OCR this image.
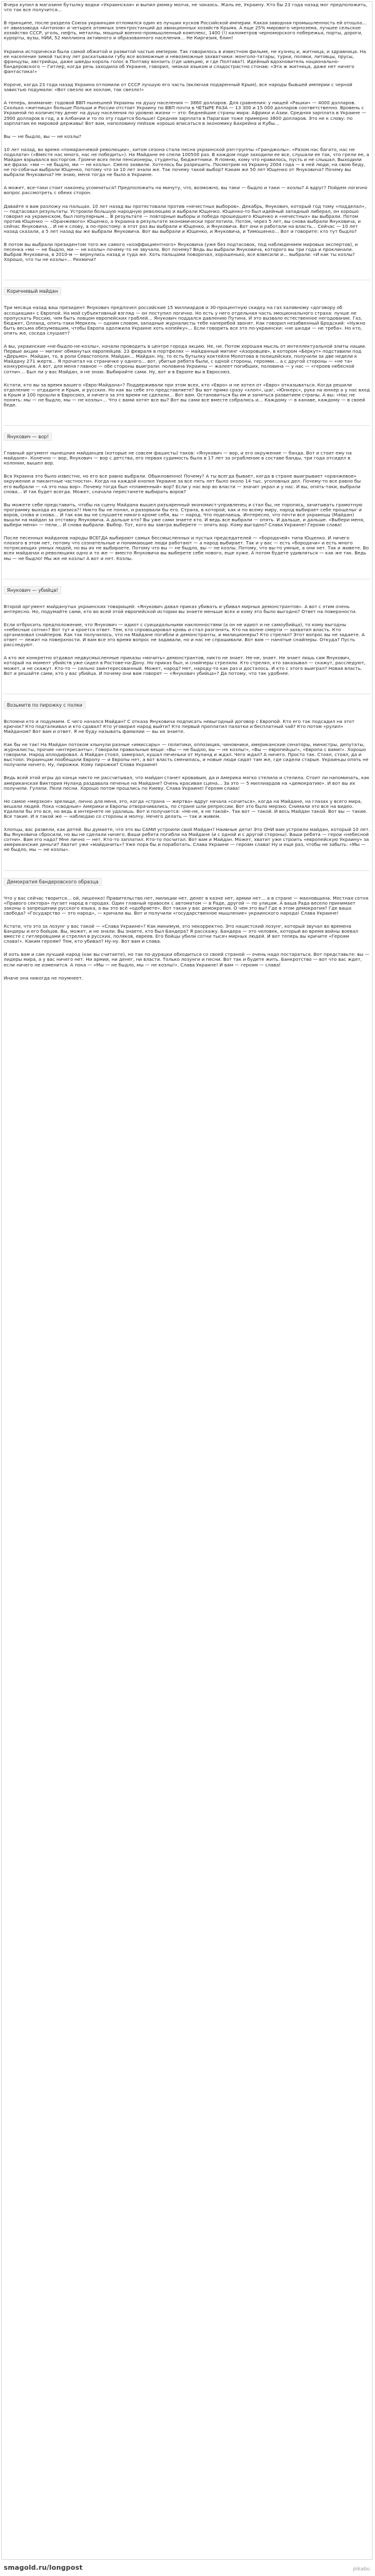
Вчера купил в магазине бутылку водки «Украинская» и выпил рюмку молча, не чокаясь. Жаль ее, Украину. Кто бы 23 года назад мог предположить, что так все получится…

В принципе, после раздела Союза украинцам отломился один из лучших кусков Российской империи. Какая заводная промышленность ей отошла… от авиазавода «Антонов» и четырех атомных электростанций до авиационных хозяйств Крыма. А еще 25% мирового чернозема, лучшее сельское хозяйство СССР, уголь, нефть, металлы, мощный военно-промышленный комплекс, 1400 (!) километров черноморского побережья, порты, дороги, курорты, вузы, НИИ, 52 миллиона активного и образованного населения… Не Киргизия, блин!

Украина исторически была самой обжитой и развитой частью империи. Так говорилось в известном фильме, не кузнец и, житница, и здравница. На ее население зимой тысячу лет раскатывали губу все возможные и невозможные захватчики: монголо-татары, турки, поляки, литовцы, прусы, французы, австрийцы, даже шведы король голос в Полтаву вонзить (где швецию, и где Полтава?). Идейный вдохновитель национально-бандеровского — Гитлер, когда речь заходила об Украине, говорил, чмокая языком и сладострастно стонав: «Эта ж житница, даже нет ничего фантастика!»

Короче, когда 23 года назад Украина отломили от СССР лучшую его часть (включая подаренный Крым), все народы бывшей империи с черной завистью подумали: «Вот свезло же хохлам, так свезло!»

А теперь, внимание: годовой ВВП нынешней Украины на душу населения — 3860 долларов. Для сравнения: у нищей «Рашки» — 4000 долларов. Сколько «житница» больше Польши и России отстоит Украину по ВВП почти в ЧЕТЫРЕ РАЗА — 13 300 и 15 000 долларов соответственно. Вровень с Украиной по количеству денег на душу населения по уровню жизни — это: беднейшие страны мира: Африки и Азии. Средняя зарплата в Украине — 2900 долларов в год, а в Албании и то по эту годится больше! Средняя зарплата в Парагвае тоже примерно 3800 долларов. Это не к слову: по зарплатам ее мировой державы! Вот вам, наполовину пейзаж хорошо вписаться в экономику Бахрейна и Кубы…

Вы — не быдло, вы — не козлы?

10 лет назад, во время «помаранчевой революции», хитом сезона стала песня украинской рэп-группы «Гринджолы»: «Разом нас багато, нас не подолати» («Вместе нас много, нас не победить»). На Майдане ее спели 100500 раз. В каждом поде заходили ее все, слушали ее так, что грели ее, а Майдан взрывался восторгом. Громче всех пели пенсионеры, студенты, бюджетники. Я помню, кому что нравилось, пусть и не слышал. Выходили же фраза: «ми — не быдло, ми — не козлы». Смело заявили. Хотелось бы разрешить. Посмотрим на Украину 2004 года — в ней люди, на свою беду, не по-собачьи выбрали Ющенко, потому что за 10 лет знали же. Так почему такой выбор? Каким же 50 лет Ющенко от Януковича? Почему вы выбрали Януковича? Не знаю, меня тогда не было в Украине.

А может, все-таки стоит наконец усомниться? Предположить на минуту, что, возможно, вы таки — быдло и таки — козлы? А вдруг? Пойдем логично вопрос рассмотреть с обеих сторон.

Давайте я вам разложу на пальцах. 10 лет назад вы протестовали против «нечестных выборов». Декабрь, Янукович, который год тому «подделал», — подтасовал результаты. Устроили большую народную революцию и выбрали Ющенко. Ющенко-то был идейный западный либерал, он хорошо говорил на украинском, был популярным… В результате — повторные выборы и победа прошедшего Ющенко и «нечестных» вы выбрали. Потом против Ющенко — «Оранжевого» Ющенко, а Украина в результате экономически проглотила. Потом, через 5 лет, вы снова выбрали Януковича, и сейчас Януковича… И не к слову, а по-простому: в этот раз вы выбрали и Ющенко, и Януковича. Вот они и работали на власть… Сейчас — 10 лет назад сказали, а 5 лет назад вы же выбрали Януковича. Вот вы выбрали и Ющенко, и Януковича, и Тимошенко… Вот и говорите: кто тут быдло?

В потом вы выбрали президентом того же самого «коэффициентного» Януковича (уже без подтасовок, под наблюдением мировых экспертов), и песенка «ми — не быдло, ми — не козлы» почему-то не звучала. Вот почему? Ведь вы выбрали Януковича, которого вы три года и проклинали. Выбрав Януковича, в 2010-м — вернулись назад и туда же. Хоть пальцами поворочал, хорошенько, все взвесили и… выбрали: «И как ты козлы? Хорошо, что ты не козлы»… Рихмичи?

Коричневый майдан

Три месяца назад ваш президент Янукович предпочел российские 15 миллиардов и 30-процентную скидку на газ халявному «договору об ассоциации» с Европой. На мой субъективный взгляд — он поступил логично. Но есть у него отдельная часть эмоционального страха: лучше не пропускать Россию, чем быть ловцом европейских граблей… Янукович поддался давлению Путина. И это вызвало естественное негодование. Газ, бюджет, Олланд, опять-таки Меркель — одним словом, западные журналисты тебе наперебой звонят. Как говорил незабвенный Бродский: «Нужно быть весьма обезумевшим, чтобы Европа одолжила Украине хоть копейку»… Если говорить все это по-украински: «не шкоди — не треба». Но кто, опять же, соседа слушает?

А вы, украинские «не-быдло-не-козлы», начали проводить в центре города акцию. Не, не. Потом хорошая мысль от интеллектуальной элиты нации. Первые акции — митинг обманутых европейцев. 23 февраля в портфелях — майданный митинг «Азоровцев», в котором «Беркут» подставили под «Дерьмо». Майдан, то, в роли Севастополя. Майдан… Майдан. Ну, то есть бутылку коктейля Молотова в полицейских, получили за две недели к Майдану 271 жертв… Я прочитал на страничке у одного… вот, убитые ребята были, с одной стороны, героями… а с другой стороны — «не та» конкуренция. А вот, для меня главное — обе стороны выиграли: половина Украины — жалеет погибших, половина — у нас — «героев небесной сотни»… Был ли у вас Майдан, я не знаю. Выбирайте сами. Ну, вот и в Европе вы в Евросоюз.

Кстати, кто вы за время вашего «Евро-Майдана»? Поддерживали при этом всех, кто «Евро» и не хотел от «Евро» отказываться. Когда решили отделение — отдадите и Крым, и русских. Но как вы себе это представляете? Вы вот прямо сразу «хлоп», шаг, «Юнкерс», рука на юнкер а у нас вход в Крым и 100 прошли в Евросоюз, и ничего за это время не сделали… Вот вам. Остановиться бы им и заняться развитием страны. А вы: «Нас не понять: мы — не быдло, мы — не козлы»… Что с вами хотят все вы? Вот вы сами все вместе собрались и… Каждому — в канаве, каждому — в своей беде.

Янукович — вор!

Главный аргумент нынешних майданцев (которые не совсем фашисты) таков: «Янукович — вор, и его окружение — банда. Вот и стоит ему на майдане». Конечно — вор, Янукович — вор с детства, его первая судимость была в 17 лет за ограбление в составе банды, три года отсидел в колонии, вышел вор.

Вся Украина это было известно, но его все равно выбрали. Обыкновенно! Почему? А ты всегда бывает, когда в стране выигрывает «оранжевое» окружение и пикантные частности». Когда на каждой кнопке Украине за все пять лет было около 14 тыс. уголовных дел. Почему-то все равно бы его выбрали — «А это наш вор». Почему тогда был «пламенный» вор? Если у нас вор во власти — значит украл и у нас. И вы, опять-таки, выбрали снова… И так будет всегда. Может, сначала перестанете выбирать воров?

Вы можете себе представить, чтобы на сцену Майдана вышел разъяренный экономист-управленец и стал бы, не торопясь, зачитывать грамотную программу выхода из кризиса?! Никто бы не понял, и разорвали бы его. Страна, в которой, как и по всему миру, народ выбирает себе прощелыг и воров, снова и снова… И так как вы не слушаете никого кроме себя, вы — народ. Что поделаешь. Интересно, что почти все украинцы (Майдан) вышли на майдан за отставку Януковича. А дальше кто? Вы уже сами знаете кто. И ведь все выбрали — опять. И дальше, и дальше. «Выбери меня, выбери меня» — пели… И снова выбрали. Выбор. Тот, кого вы завтра выберете — опять вор. Кому выгодно? Слава Украине! Героям слава!

После песенных майданов народы ВСЕГДА выбирают самых бессмысленных и пустых председателей — «бородачей» типа Ющенко. И ничего плохого в этом нет, потому что сознательные и понимающие люди работают — а народ выбирает. Так и у вас — есть «бородачи» и есть много потрясающих умных людей, но вы их не выбираете. Потому что вы — не быдло, вы — не козлы. Потому, что вы-то умные, а они нет. Так и живете. Во всех майданах и революциях одно и то же — вместо Януковича вы выберете себе нового, еще хуже. А потом будете удивляться — как же так. Ведь мы — не быдло! Мы же не козлы! А вот и нет. Козлы.

Янукович — убийца!

Второй аргумент майданутых украинских товарищей: «Янукович давал приказ убивать и убивал мирных демонстрантов». А вот с этим очень интересно. Но, подумайте сами, кто во всей этой европейской истории вы знаете меньше всех и кому это было выгодно? Ответ на поверхности.

Если отбросить предположение, что Янукович — идиот с суицидальными наклонностями (а он не идиот и не самоубийца), то кому выгодны «небесные сотни»? Вот тут и кроется ответ. Тем, кто спровоцировал кровь и стал разгонять. Кто на волне смерти — захватил власть. Кто организовал снайперов. Как так получилось, что на Майдане погибли и демонстранты, и милиционеры? Кто стрелял? Этот вопрос вы не задаете. А ответ — лежит на поверхности. И вам все это время вопрос не задавали, но и нас не спрашивали. Вот вам — нанятые снайперы. Откуда? Пусть расследуют.

А кто же конкретно отдавал недвусмысленные приказы «мочить» демонстрантов, никто не знает. Не-не, знает. Не знает лишь сам Янукович, который на момент убийств уже сидел в Ростове-на-Дону. Но приказ был, и снайперы стреляли. Кто стрелял, кто заказывал — скажут, расследуют, может, и не скажут. Кто-то — сильно заинтересованный. Может, народ? Нет, народу-то как раз и досталось. И кто с этого выиграл? Новая власть. Вот и решайте сами, кто у вас убийца. И почему они вам говорят — «Янукович убийца»? Да потому, что так удобнее.

Возьмите по пирожку с полки

Вспомни кто и подумаем. С чего начался Майдан? С отказа Януковича подписать невыгодный договор с Европой. Кто его так подсадил на этот крючок? Кто подталкивал и кто сдавал? Кто уговорил народ выйти? Кто первый проплатил палатки и бесплатный чай? Кто потом «рулил» Майданом? Вот вам и ответ. Я не буду называть фамилии — вы их знаете.

Как бы не так! На Майдан потоком хлынули разные «имиссары» — политики, оппозиция, чиновники, американские сенаторы, министры, депутаты, журналисты, прочие «интересанты». Говорили правильные вещи: «Вы — не быдло, вы — не козлы!», «Вы — европейцы!», «Европа с вами!». Хорошо говорили. Народ аплодировал. А Майдан стоял, замерзал, кушал печеньки от Нуланд и ждал. Чего ждал? А ничего. Просто так. Стоял, стоял, да и выстоял. Украинцам пообещали Европу — и Европы нет, а вот власть сменилась, и новые люди сидят там же, где сидели старые. Украинцы опять не получили ничего. Ну, пирожки. Кому пирожки? Слава Украине!

Ведь всей этой игры до конца никто не рассчитывал, что майдан станет кровавым, да и Америка мягко стелила и стелила. Стоит ли напоминать, как американская Виктория Нуланд раздавала печенье на Майдане? Очень красивая сцена… За это — 5 миллиардов на «демократию». И вот вы их получили. Гуляли. Пели песни. Хорошо потом прошлись по Киеву. Слава Украине! Героям слава!

Но самое «мерзкое» зрелище, лично для меня, это, когда «страна — жертва» вдруг начала «сочиться», когда на Майдане, на глазах у всего мира, вешали людей. Пока «сводные» Америки и Европы отворачивались, по стране шли репрессии. Вот это было мерзко. Снимали это все на видео. Удалили бы это все, но ведь в интернете не удалишь. Вот и получается: «Не-не, я не такой». Так вот — такой. И весь Майдан такой. Вот вы — такие. Все такие. И я такой же — наблюдаю со стороны и молчу. Нечего делать — так и живем.

Хлопцы, вас развели, как детей. Вы думаете, что это вы САМИ устроили свой Майдан? Наивные дети! Это ОНИ вам устроили майдан, который 10 лет. Вы Януковича сбросили, но вы не сделали ничего. Ваши ребята погибли на Майдане (и с одной и с другой стороны). Ваши ребята — герои «небесной сотни». Вам это надо? Мне лично — нет. Кто-то заплатил. Кто-то посчитал. Вот вам и Майдан. Может, хватит уже строить «европейскую Украину» за американские деньги? Хватит уже «майданить»? Уже пора бы и поработать. Слава Украине — героям слава! Ну и еще раз, чтобы не забыть: «Мы — не быдло, мы — не козлы».

Демократия бандеровского образца

Что у вас сейчас творится… ой, лишенко! Правительство нет, милиции нет, денег в казне нет, армии нет… а в стране — махновщина. Местная сотня «Правого сектора» пугает народ в городах. Один главный правосек с автоматом — в Раде, другой — по улицам. А ваша Рада весело принимает законы о запрещении русского языка, а вы это всё «одобряете». Вот такая у вас демократия. О чем это вы? Где в этом демократия? Где ваша свобода? «Государство — это народ», — кричали вы. Вот и получили «государственное мышление» украинского народа! Слава Украине!

Кстати, что это за лозунг у вас такой — «Слава Украине»? Как минимум, это некорректно. Это нацистский лозунг, который звучал во времена Бандеры и его бойцов. Вы, может, и не знали. Вы знаете, кто был Бандера? Я расскажу. Бандера — это человек, который во время войны воевал вместе с гитлеровцами и стрелял в русских, поляков, евреев. Его бойцы убили сотни тысяч мирных людей. И вот теперь вы кричите «Героям слава!». Каким героям? Тем, кто убивал? Ну-ну. Вот вам и слава.

И хоть вам и сам лучший народ (как вы считаете), но так по-дурацки обходиться со своей страной — очень надо постараться. Вот представьте: вы — лидеры мира, а у вас ничего нет. Ни армии, ни денег, ни власти. Только лозунги и песни. Вот так и будете жить. Банкротство — вот что вас ждет, если ничего не изменится. А пока — «Мы — не быдло, мы — не козлы!». Слава Украине! И вам — героям — слава!

Иначе она никогда не поумнеет.

smagold.ru/longpost	pikabu
